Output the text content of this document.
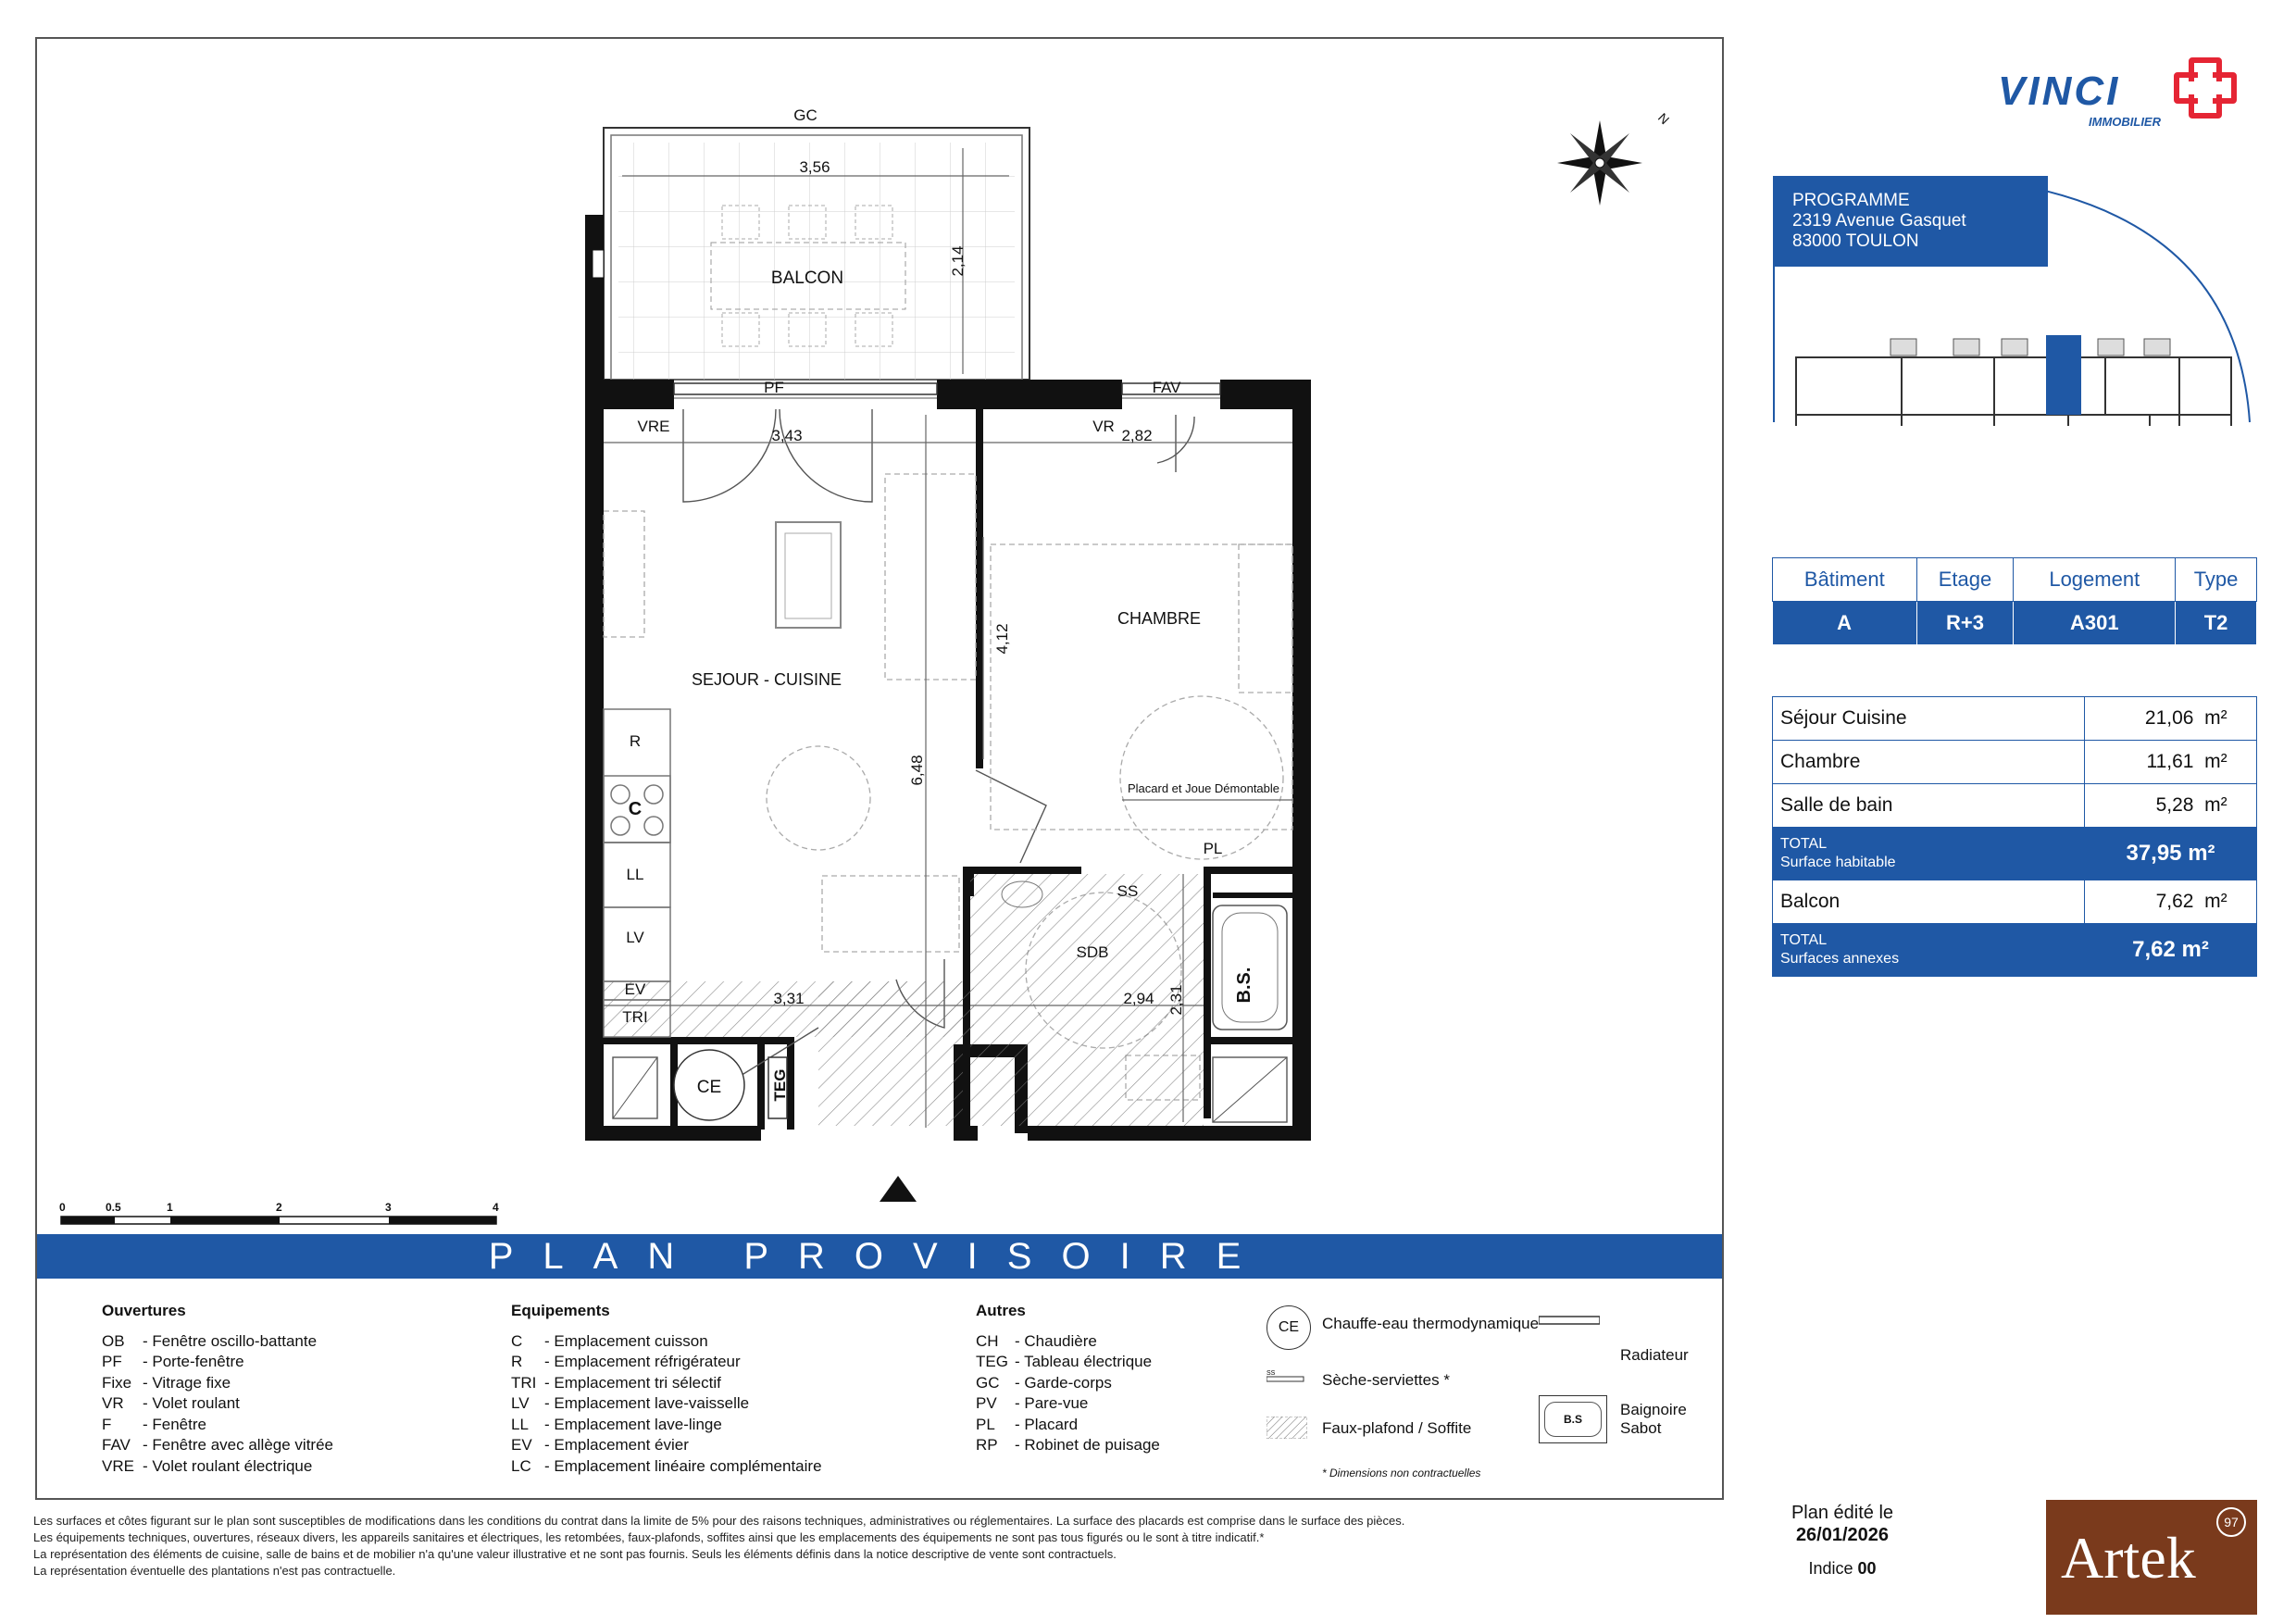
GC
3,56
2,14
BALCON
PF	FAV
VRE
3,43
VR
2,82
CHAMBRE
4,12
SEJOUR - CUISINE
R
C
LL
LV
EV
TRI
6,48
Placard et Joue Démontable
PL
SS
SDB
B.S.
3,31	2,94 2,31
CE	TEG
N
0	0.5	1	2	3	4
PLAN PROVISOIRE
Ouvertures
OB - Fenêtre oscillo-battante
PF - Porte-fenêtre
Fixe - Vitrage fixe
VR - Volet roulant
F - Fenêtre
FAV - Fenêtre avec allège vitrée
VRE - Volet roulant électrique
Equipements
C - Emplacement cuisson
R - Emplacement réfrigérateur
TRI - Emplacement tri sélectif
LV - Emplacement lave-vaisselle
LL - Emplacement lave-linge
EV - Emplacement évier
LC - Emplacement linéaire complémentaire
Autres
CH - Chaudière
TEG - Tableau électrique
GC - Garde-corps
PV - Pare-vue
PL - Placard
RP - Robinet de puisage
CE	Chauffe-eau thermodynamique
SS	Sèche-serviettes *
Faux-plafond / Soffite
Radiateur
B.S
Baignoire
Sabot
* Dimensions non contractuelles
Les surfaces et côtes figurant sur le plan sont susceptibles de modifications dans les conditions du contrat dans la limite de 5% pour des raisons techniques, administratives ou réglementaires. La surface des placards est comprise dans le surface des pièces.
Les équipements techniques, ouvertures, réseaux divers, les appareils sanitaires et électriques, les retombées, faux-plafonds, soffites ainsi que les emplacements des équipements ne sont pas tous figurés ou le sont à titre indicatif.*
La représentation des éléments de cuisine, salle de bains et de mobilier n'a qu'une valeur illustrative et ne sont pas fournis. Seuls les éléments définis dans la notice descriptive de vente sont contractuels.
La représentation éventuelle des plantations n'est pas contractuelle.
VINCI
IMMOBILIER
PROGRAMME
2319 Avenue Gasquet
83000 TOULON
Bâtiment	Etage	Logement	Type
A	R+3	A301	T2
Séjour Cuisine	21,06 m²
Chambre	11,61 m²
Salle de bain	5,28 m²

TOTAL
Surface habitable	37,95 m²
Balcon	7,62 m²

TOTAL
Surfaces annexes	7,62 m²
Plan édité le
26/01/2026
Indice 00	Artek
97
